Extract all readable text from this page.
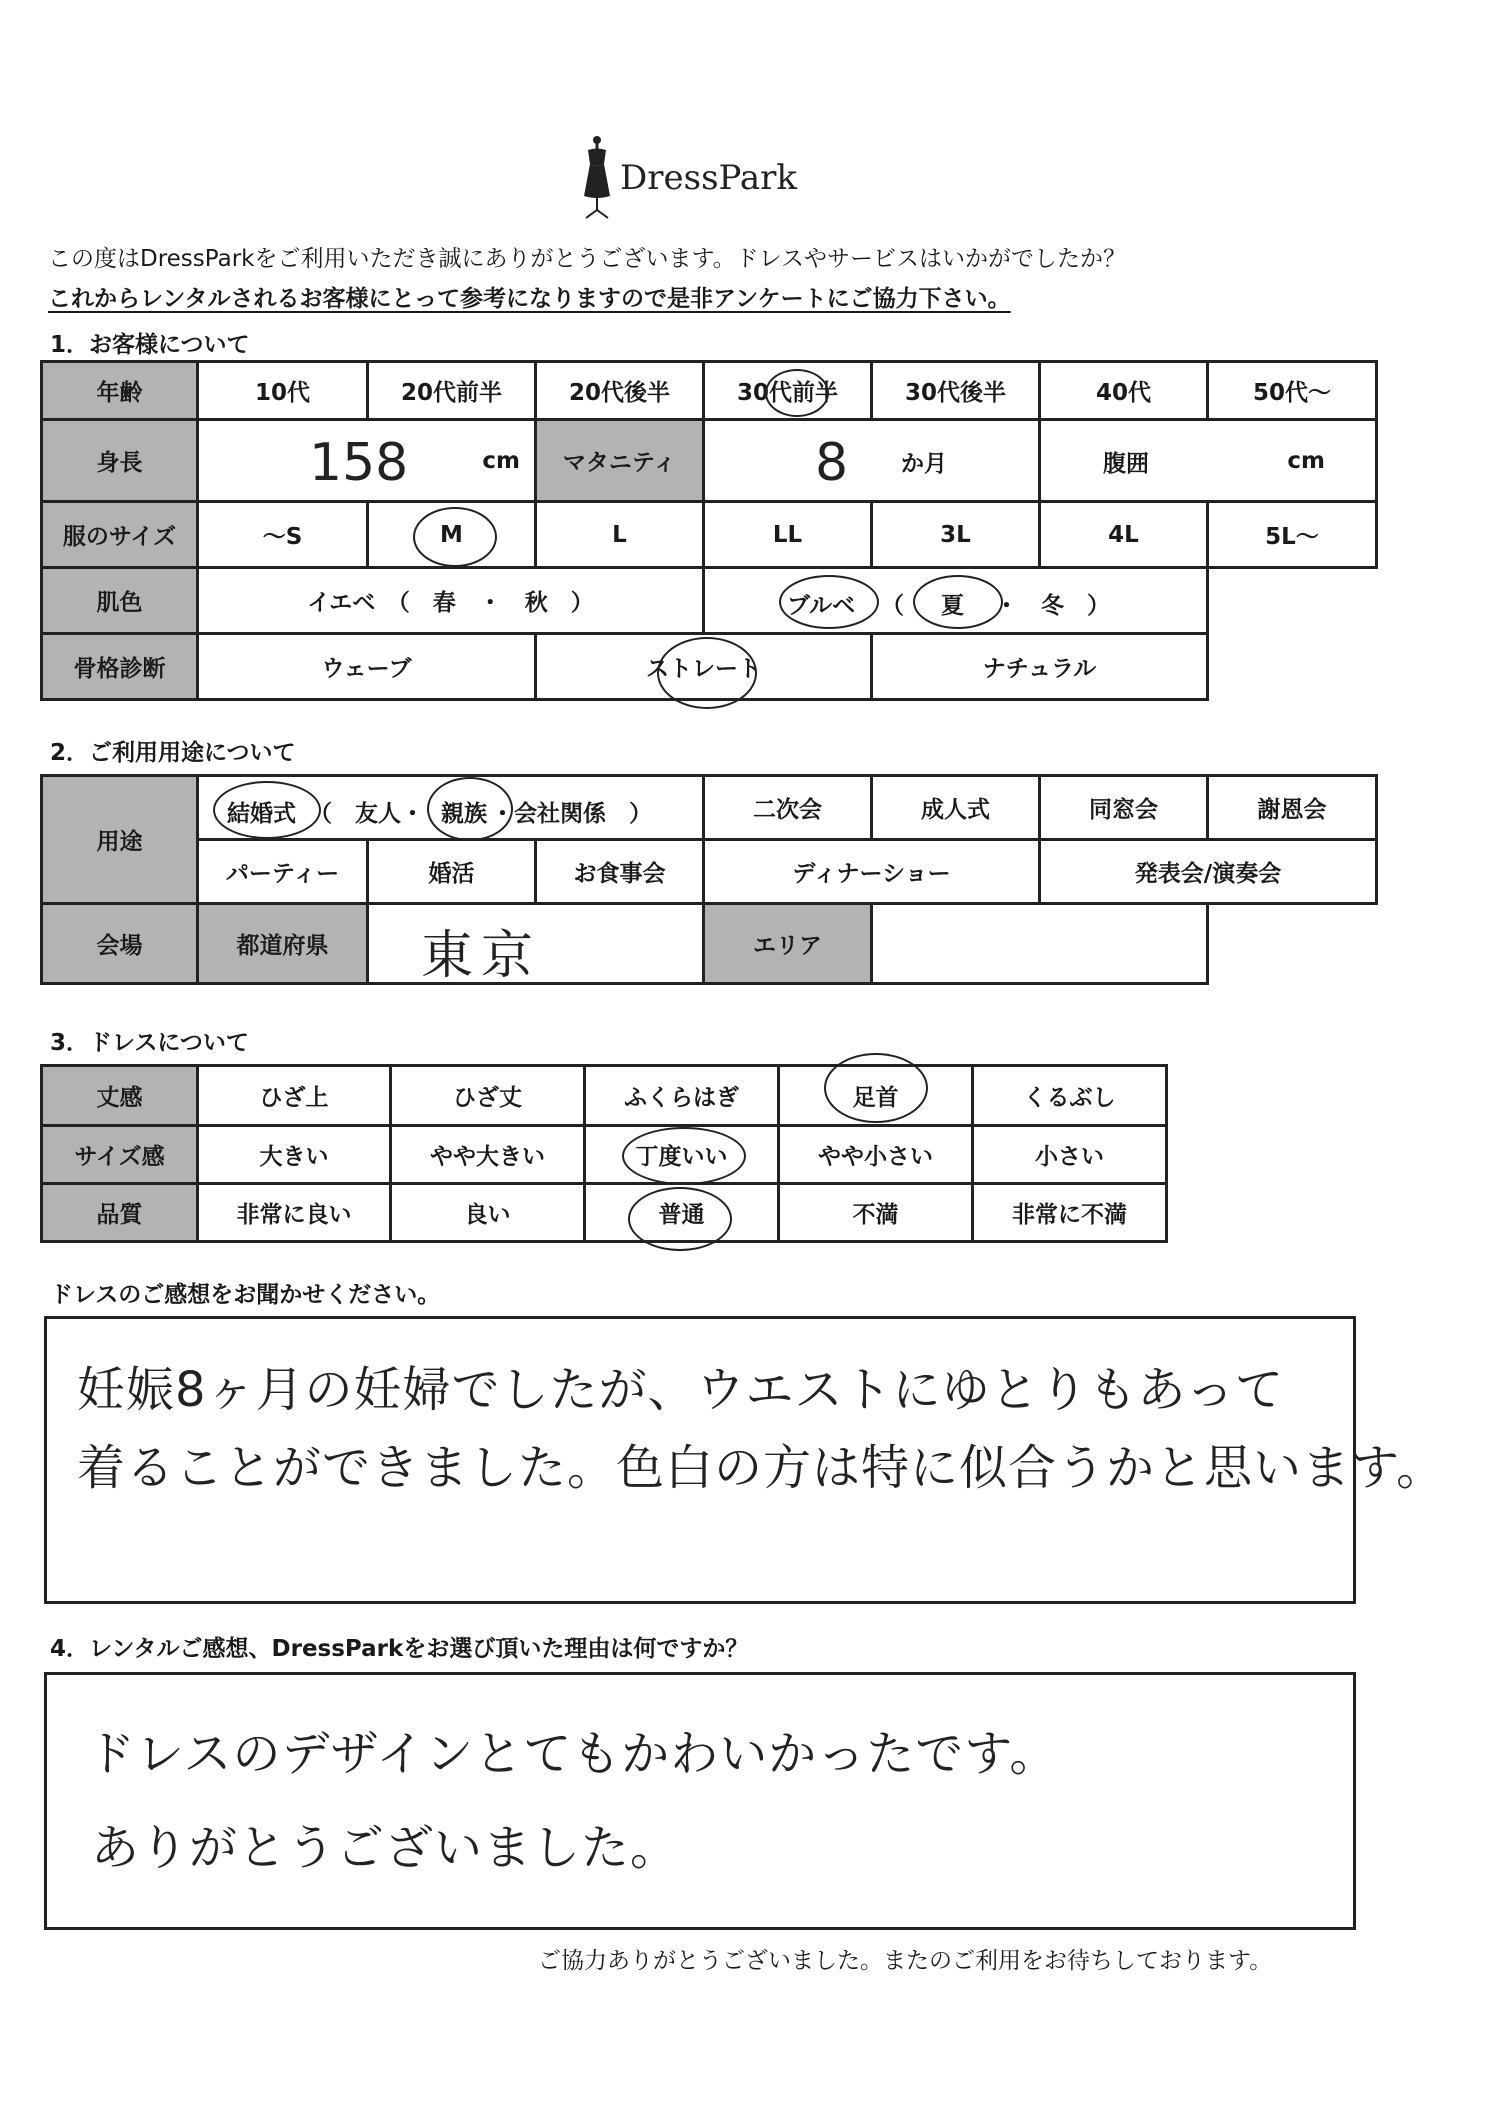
DressPark
この度はDressParkをご利用いただき誠にありがとうございます。ドレスやサービスはいかがでしたか？
これからレンタルされるお客様にとって参考になりますので是非アンケートにご協力下さい。
1．お客様について
年齢	10代	20代前半	20代後半	30代前半	30代後半	40代	50代～
身長	158 cm		マタニティ	8 か月		腹囲 cm	

服のサイズ	～S	M	L	LL	3L	4L	5L～
肌色	イエベ　（　春　・　秋　）			ブルベ （ 夏 ・　冬　）			

骨格診断	ウェーブ		ストレート		ナチュラル		
2．ご利用用途について
用途	結婚式 （　友人・ 親族 ・会社関係　）			二次会	成人式	同窓会	謝恩会
	パーティー	婚活	お食事会	ディナーショー		発表会/演奏会	
会場	都道府県	東京		エリア			
3．ドレスについて
丈感	ひざ上	ひざ丈	ふくらはぎ	足首	くるぶし
サイズ感	大きい	やや大きい	丁度いい	やや小さい	小さい
品質	非常に良い	良い	普通	不満	非常に不満
ドレスのご感想をお聞かせください。
妊娠8ヶ月の妊婦でしたが、ウエストにゆとりもあって
着ることができました。色白の方は特に似合うかと思います。
4．レンタルご感想、DressParkをお選び頂いた理由は何ですか？
ドレスのデザインとてもかわいかったです。
ありがとうございました。
ご協力ありがとうございました。またのご利用をお待ちしております。
